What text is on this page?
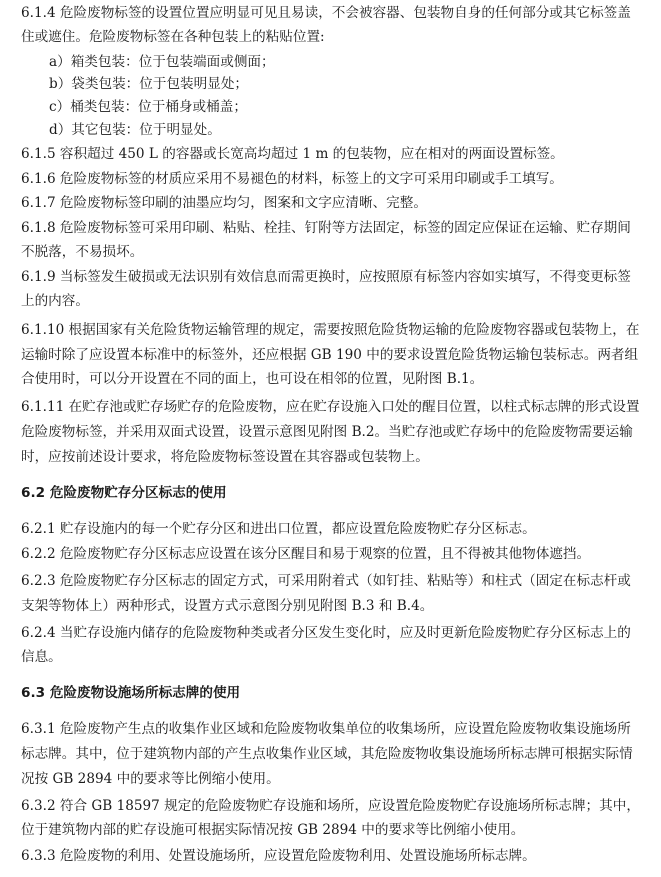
6.1.4 危险废物标签的设置位置应明显可见且易读，不会被容器、包装物自身的任何部分或其它标签盖
住或遮住。危险废物标签在各种包装上的粘贴位置:
a）箱类包装：位于包装端面或侧面；
b）袋类包装：位于包装明显处；
c）桶类包装：位于桶身或桶盖；
d）其它包装：位于明显处。
6.1.5 容积超过 450 L 的容器或长宽高均超过 1 m 的包装物，应在相对的两面设置标签。
6.1.6 危险废物标签的材质应采用不易褪色的材料，标签上的文字可采用印刷或手工填写。
6.1.7 危险废物标签印刷的油墨应均匀，图案和文字应清晰、完整。
6.1.8 危险废物标签可采用印刷、粘贴、栓挂、钉附等方法固定，标签的固定应保证在运输、贮存期间
不脱落，不易损坏。
6.1.9 当标签发生破损或无法识别有效信息而需更换时，应按照原有标签内容如实填写，不得变更标签
上的内容。
6.1.10 根据国家有关危险货物运输管理的规定，需要按照危险货物运输的危险废物容器或包装物上，在
运输时除了应设置本标准中的标签外，还应根据 GB 190 中的要求设置危险货物运输包装标志。两者组
合使用时，可以分开设置在不同的面上，也可设在相邻的位置，见附图 B.1。
6.1.11 在贮存池或贮存场贮存的危险废物，应在贮存设施入口处的醒目位置，以柱式标志牌的形式设置
危险废物标签，并采用双面式设置，设置示意图见附图 B.2。当贮存池或贮存场中的危险废物需要运输
时，应按前述设计要求，将危险废物标签设置在其容器或包装物上。
6.2 危险废物贮存分区标志的使用
6.2.1 贮存设施内的每一个贮存分区和进出口位置，都应设置危险废物贮存分区标志。
6.2.2 危险废物贮存分区标志应设置在该分区醒目和易于观察的位置，且不得被其他物体遮挡。
6.2.3 危险废物贮存分区标志的固定方式，可采用附着式（如钉挂、粘贴等）和柱式（固定在标志杆或
支架等物体上）两种形式，设置方式示意图分别见附图 B.3 和 B.4。
6.2.4 当贮存设施内储存的危险废物种类或者分区发生变化时，应及时更新危险废物贮存分区标志上的
信息。
6.3 危险废物设施场所标志牌的使用
6.3.1 危险废物产生点的收集作业区域和危险废物收集单位的收集场所，应设置危险废物收集设施场所
标志牌。其中，位于建筑物内部的产生点收集作业区域，其危险废物收集设施场所标志牌可根据实际情
况按 GB 2894 中的要求等比例缩小使用。
6.3.2 符合 GB 18597 规定的危险废物贮存设施和场所，应设置危险废物贮存设施场所标志牌；其中，
位于建筑物内部的贮存设施可根据实际情况按 GB 2894 中的要求等比例缩小使用。
6.3.3 危险废物的利用、处置设施场所，应设置危险废物利用、处置设施场所标志牌。
